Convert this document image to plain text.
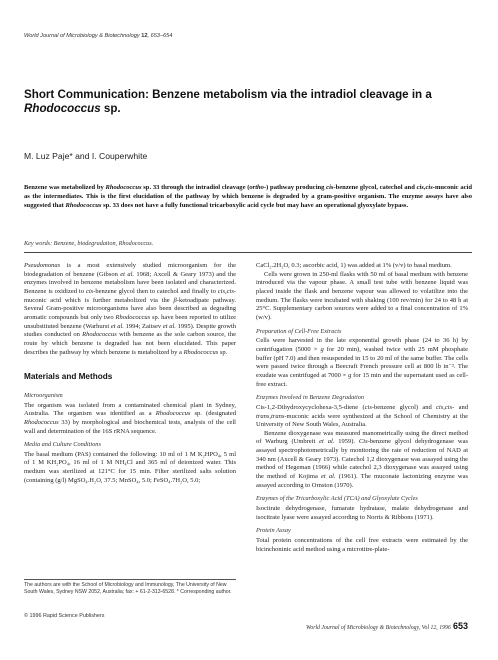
World Journal of Microbiology & Biotechnology 12, 653–654
Short Communication: Benzene metabolism via the intradiol cleavage in a Rhodococcus sp.
M. Luz Paje* and I. Couperwhite
Benzene was metabolized by Rhodococcus sp. 33 through the intradiol cleavage (ortho-) pathway producing cis-benzene glycol, catechol and cis,cis-muconic acid as the intermediates. This is the first elucidation of the pathway by which benzene is degraded by a gram-positive organism. The enzyme assays have also suggested that Rhodococcus sp. 33 does not have a fully functional tricarboxylic acid cycle but may have an operational glyoxylate bypass.
Key words: Benzene, biodegradation, Rhodococcus.

Pseudomonas is a most extensively studied microorganism for the biodegradation of benzene (Gibson et al. 1968; Axcell & Geary 1973) and the enzymes involved in benzene metabolism have been isolated and characterized. Benzene is oxidized to cis-benzene glycol then to catechol and finally to cis,cis-muconic acid which is further metabolized via the β-ketoadipate pathway. Several Gram-positive microorganisms have also been described as degrading aromatic compounds but only two Rhodococcus sp. have been reported to utilize unsubstituted benzene (Warhurst et al. 1994; Zaitsev et al. 1995). Despite growth studies conducted on Rhodococcus with benzene as the sole carbon source, the route by which benzene is degraded has not been elucidated. This paper describes the pathway by which benzene is metabolized by a Rhodococcus sp.

Materials and Methods
Microorganism

The organism was isolated from a contaminated chemical plant in Sydney, Australia. The organism was identified as a Rhodococcus sp. (designated Rhodococcus 33) by morphological and biochemical tests, analysis of the cell wall and determination of the 16S rRNA sequence.

Media and Culture Conditions

The basal medium (PAS) contained the following: 10 ml of 1 M K₂HPO₄, 5 ml of 1 M KH₂PO₄, 16 ml of 1 M NH₄Cl and 365 ml of deionized water. This medium was sterilized at 121°C for 15 min. Filter sterilized salts solution (containing (g/l) MgSO₄.H₂O, 37.5; MnSO₄, 5.0; FeSO₄.7H₂O, 5.0;

CaCl₂.2H₂O, 0.3; ascorbic acid, 1) was added at 1% (v/v) to basal medium.

Cells were grown in 250-ml flasks with 50 ml of basal medium with benzene introduced via the vapour phase. A small test tube with benzene liquid was placed inside the flask and benzene vapour was allowed to volatilize into the medium. The flasks were incubated with shaking (100 rev/min) for 24 to 48 h at 25°C. Supplementary carbon sources were added to a final concentration of 1% (w/v).

Preparation of Cell-Free Extracts

Cells were harvested in the late exponential growth phase (24 to 36 h) by centrifugation (5000 × g for 20 min), washed twice with 25 mM phosphate buffer (pH 7.0) and then resuspended in 15 to 20 ml of the same buffer. The cells were passed twice through a Beecraft French pressure cell at 800 lb in⁻². The exudate was centrifuged at 7000 × g for 15 min and the supernatant used as cell-free extract.

Enzymes Involved in Benzene Degradation

Cis-1,2-Dihydroxycyclohexa-3,5-diene (cis-benzene glycol) and cis,cis- and trans,trans-muconic acids were synthesized at the School of Chemistry at the University of New South Wales, Australia.

Benzene dioxygenase was measured manometrically using the direct method of Warburg (Umbreit et al. 1959). Cis-benzene glycol dehydrogenase was assayed spectrophotometrically by monitoring the rate of reduction of NAD at 340 nm (Axcell & Geary 1973). Catechol 1,2 dioxygenase was assayed using the method of Hegeman (1966) while catechol 2,3 dioxygenase was assayed using the method of Kojima et al. (1961). The muconate lactonizing enzyme was assayed according to Ornston (1970).

Enzymes of the Tricarboxylic Acid (TCA) and Glyoxylate Cycles

Isocitrate dehydrogenase, fumarate hydratase, malate dehydrogenase and isocitrate lyase were assayed according to Norris & Ribbons (1971).

Protein Assay

Total protein concentrations of the cell free extracts were estimated by the bicinchoninic acid method using a microtitre-plate-

The authors are with the School of Microbiology and Immunology, The University of New South Wales, Sydney NSW 2052, Australia; fax: + 61-2-313-6528. * Corresponding author.
© 1996 Rapid Science Publishers
World Journal of Microbiology & Biotechnology, Vol 12, 1996 653
